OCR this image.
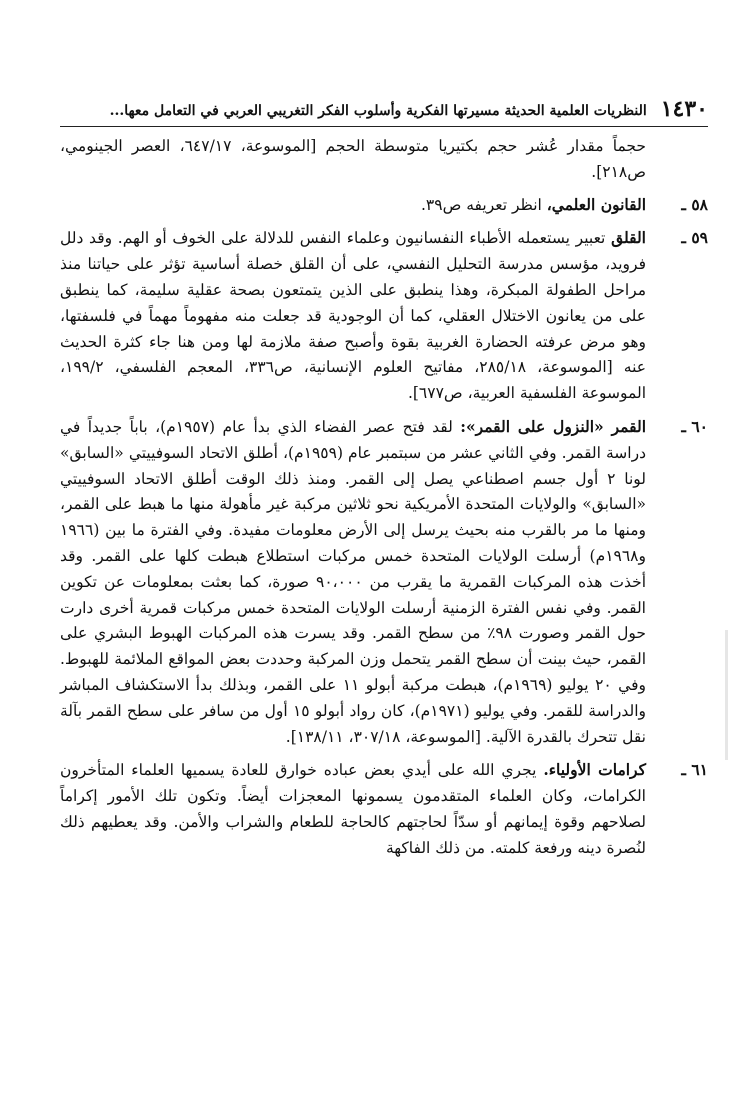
١٤٣٠
النظريات العلمية الحديثة مسيرتها الفكرية وأسلوب الفكر التغريبي العربي في التعامل معها...

حجماً مقدار عُشر حجم بكتيريا متوسطة الحجم [الموسوعة، ٦٤٧/١٧، العصر الجينومي، ص٢١٨].

٥٨ ـ
القانون العلمي، انظر تعريفه ص٣٩.
٥٩ ـ
القلق تعبير يستعمله الأطباء النفسانيون وعلماء النفس للدلالة على الخوف أو الهم. وقد دلل فرويد، مؤسس مدرسة التحليل النفسي، على أن القلق خصلة أساسية تؤثر على حياتنا منذ مراحل الطفولة المبكرة، وهذا ينطبق على الذين يتمتعون بصحة عقلية سليمة، كما ينطبق على من يعانون الاختلال العقلي، كما أن الوجودية قد جعلت منه مفهوماً مهماً في فلسفتها، وهو مرض عرفته الحضارة الغربية بقوة وأصبح صفة ملازمة لها ومن هنا جاء كثرة الحديث عنه [الموسوعة، ٢٨٥/١٨، مفاتيح العلوم الإنسانية، ص٣٣٦، المعجم الفلسفي، ١٩٩/٢، الموسوعة الفلسفية العربية، ص٦٧٧].
٦٠ ـ
القمر «النزول على القمر»: لقد فتح عصر الفضاء الذي بدأ عام (١٩٥٧م)، باباً جديداً في دراسة القمر. وفي الثاني عشر من سبتمبر عام (١٩٥٩م)، أطلق الاتحاد السوفييتي «السابق» لونا ٢ أول جسم اصطناعي يصل إلى القمر. ومنذ ذلك الوقت أطلق الاتحاد السوفييتي «السابق» والولايات المتحدة الأمريكية نحو ثلاثين مركبة غير مأهولة منها ما هبط على القمر، ومنها ما مر بالقرب منه بحيث يرسل إلى الأرض معلومات مفيدة. وفي الفترة ما بين (١٩٦٦ و١٩٦٨م) أرسلت الولايات المتحدة خمس مركبات استطلاع هبطت كلها على القمر. وقد أخذت هذه المركبات القمرية ما يقرب من ٩٠،٠٠٠ صورة، كما بعثت بمعلومات عن تكوين القمر. وفي نفس الفترة الزمنية أرسلت الولايات المتحدة خمس مركبات قمرية أخرى دارت حول القمر وصورت ٩٨٪ من سطح القمر. وقد يسرت هذه المركبات الهبوط البشري على القمر، حيث بينت أن سطح القمر يتحمل وزن المركبة وحددت بعض المواقع الملائمة للهبوط. وفي ٢٠ يوليو (١٩٦٩م)، هبطت مركبة أبولو ١١ على القمر، وبذلك بدأ الاستكشاف المباشر والدراسة للقمر. وفي يوليو (١٩٧١م)، كان رواد أبولو ١٥ أول من سافر على سطح القمر بآلة نقل تتحرك بالقدرة الآلية. [الموسوعة، ٣٠٧/١٨، ١٣٨/١١].
٦١ ـ
كرامات الأولياء. يجري الله على أيدي بعض عباده خوارق للعادة يسميها العلماء المتأخرون الكرامات، وكان العلماء المتقدمون يسمونها المعجزات أيضاً. وتكون تلك الأمور إكراماً لصلاحهم وقوة إيمانهم أو سدّاً لحاجتهم كالحاجة للطعام والشراب والأمن. وقد يعطيهم ذلك لنُصرة دينه ورفعة كلمته. من ذلك الفاكهة
